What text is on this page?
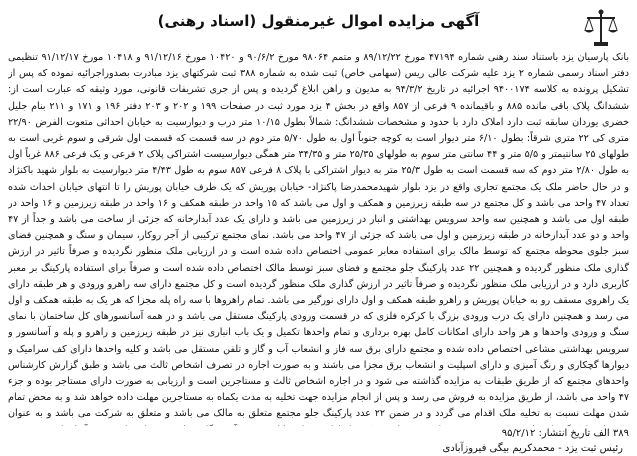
آگهی مزایده اموال غیرمنقول (اسناد رهنی)
بانک پارسیان یزد باستناد سند رهنی شماره ۴۷۱۹۴ مورخ ۸۹/۱۲/۲۲ و متمم ۹۸۰۶۴ مورخ ۹۰/۶/۲ و ۱۰۴۲۰ مورخ ۹۱/۱۲/۱۶ و ۱۰۴۱۸ مورخ ۹۱/۱۲/۱۷ تنظیمی دفتر اسناد رسمی شماره ۲ یزد علیه شرکت عالی ریس (سهامی خاص) ثبت شده به شماره ۳۸۸ ثبت شرکتهای یزد مبادرت بصدوراجرائیه نموده که پس از تشکیل پرونده به کلاسه ۹۴۰۰۱۷۴ اجرائیه در تاریخ ۹۴/۳/۲ به مدیون و راهن ابلاغ گردیده و پس از جری تشریفات قانونی، مورد وثیقه که عبارت است از: ششدانگ پلاک باقی مانده ۸۸۵ و باقیمانده ۹ فرعی از ۸۵۷ واقع در بخش ۴ یزد مورد ثبت در صفحات ۱۹۹ و ۲۰۲ و ۲۰۳ دفتر ۱۹۶ و ۱۷۱ و ۲۱۱ بنام جلیل خضری یوردان سابقه ثبت دارد املاک دارد با حدود و مشخصات ششدانگ: شمالاً بطول ۱۰/۱۵ متر درب و دیوارسیت به خیابان احداثی متعوت الفرض ۲۲/۹۰ متری کی ۲۲ متری شرقاً: بطول ۶/۱۰ متر دیوار است به کوچه جنوباً اول به طول ۵/۷۰ متر دوم در سه قسمت که قسمت اول شرقی و سوم غربی است به طولهای ۲۵ سانتیمتر و ۵/۵ متر و ۴۴ سانتی متر سوم به طولهای ۲۵/۳۵ متر و ۳۴/۳۵ متر همگی دیوارسیست اشتراکی پلاک ۲ فرعی و یک فرعی ۸۸۶ غرباً اول به طول ۲/۸۰ متر دوم که سه قسمت است به طول ۲۵/۳ متر به دیوار اشتراکی با پلاک ۸ فرعی ۸۵۷ سوم به طول ۴/۴۳ متر دیوارسیت به بلوار شهید باکنژاد و در حال حاضر ملک یک مجتمع تجاری واقع در یزد بلوار شهیدمحمدرضا پاکنژاد- خیابان پوریش که یک طرف خیابان پوریش را تا انتهای خیابان احداث شده تعداد ۴۷ واحد می باشد و کل مجتمع در سه طبقه زیرزمین و همکف و اول می باشد که ۱۵ واحد در طبقه همکف و ۱۶ واحد در طبقه زیرزمین و ۱۶ واحد در طبقه اول می باشد و همچنین سه واحد سرویس بهداشتی و انبار در زیرزمین می باشد و دارای یک عدد آبدارخانه که جزئی از ساخت می باشد و جداً از ۴۷ واحد و دو عدد آبدارخانه در طبقه زیرزمین و اول می باشد که جزئی از ۴۷ واحد می باشد. نمای مجتمع ترکیبی از آجر روکار، سیمان و سنگ و همچنین فضای سبز جلوی محوطه مجتمع که توسط مالک برای استفاده معابر عمومی اختصاص داده شده است و در ارزیابی ملک منظور نگردیده و صرفاً تاثیر در ارزش گذاری ملک منظور گردیده و همچنین ۲۲ عدد پارکینگ جلو مجتمع و فضای سبز توسط مالک اختصاص داده شده است و صرفاً برای استفاده پارکینگ بر معبر کاربری دارد و در ارزیابی ملک منظور نگردیده و صرفاً تاثیر در ارزش گذاری ملک منظور گردیده است و کل مجتمع دارای سه راهرو ورودی و هر طبقه دارای یک راهروی مسقف رو به خیابان پوریش و راهرو طبقه همکف و اول دارای نورگیر می باشد. تمام راهروها با سه راه پله مجزا که هر یک به طبقه همکف و اول می رسد و همچنین دارای یک درب ورودی بزرگ با کرکره فلزی که در قسمت ورودی پارکینگ مستقل می باشد و در همه آسانسورهای کل ساختمان با نمای سنگ و ورودی واحدها و هر واحد دارای امکانات کامل بهره برداری و تمام واحدها تکمیل و یک باب انباری نیز در طبقه زیرزمین و راهرو و پله و آسانسور و سرویس بهداشتی مشاعی اختصاص داده شده و مجتمع دارای برق سه فاز و انشعاب آب و گاز و تلفن مستقل می باشد و کلیه واحدها دارای کف سرامیک و دیوارها گچکاری و رنگ آمیزی و دارای اسپلیت و انشعاب برق مجزا می باشند و به صورت اجاره در تصرف اشخاص ثالث می باشد و طبق گزارش کارشناس واحدهای مجتمع که از طریق طبقات به مزایده گذاشته می شود و در اجاره اشخاص ثالث و مستاجرین است و ارزیابی به صورت دارای مستاجر بوده و جزء ۴۷ واحد می باشد، از طریق مزایده به فروش می رسد و پس از انجام مزایده جهت تخلیه به مدت یکماه به مستاجرین مهلت داده خواهد شد و به محض تمام شدن مهلت نسبت به تخلیه ملک اقدام می گردد و در ضمن ۲۲ عدد پارکینگ جلو مجتمع متعلق به مالک می باشد و متعلق به شرکت می باشد و به عنوان
۳۸۹ الف تاریخ انتشار: ۹۵/۲/۱۲
رئیس ثبت یزد - محمدکریم بیگی فیروزآبادی
